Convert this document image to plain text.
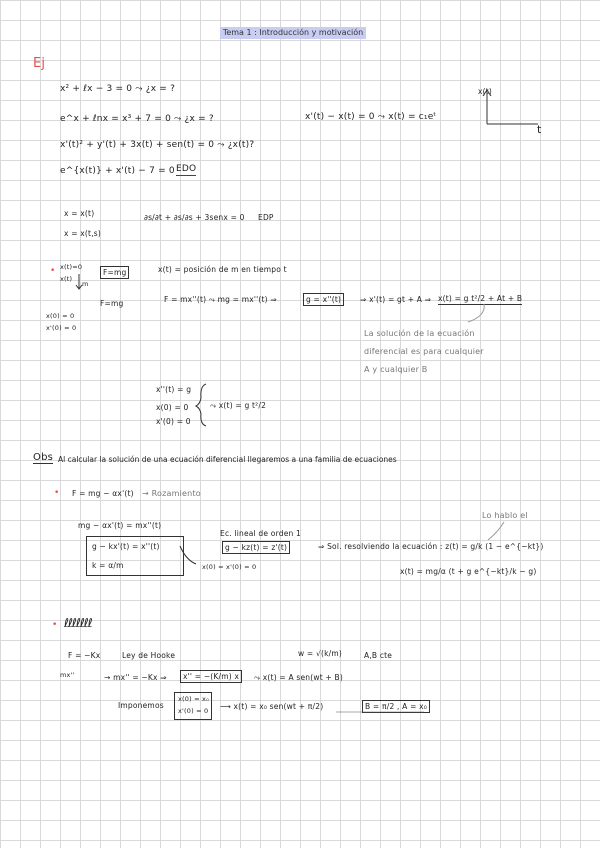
Tema 1 : Introducción y motivación
Ej
x² + ℓx − 3 = 0 ⤳ ¿x = ?
e^x + ℓnx = x³ + 7 = 0 ⤳ ¿x = ?
x'(t)² + y'(t) + 3x(t) + sen(t) = 0 ⤳ ¿x(t)?
e^{x(t)} + x'(t) − 7 = 0 EDO
x'(t) − x(t) = 0 ⤳ x(t) = c₁eᵗ
x(t)
t
x = x(t)
x = x(t,s)
∂s/∂t + ∂s/∂s + 3senx = 0 EDP
• x(t)=0
x(t)
m
F=mg
F=mg
x(t) = posición de m en tiempo t
F = mx''(t) ⤳ mg = mx''(t) ⇒	g = x''(t)	⇒ x'(t) = gt + A ⇒ x(t) = g t²/2 + At + B
x(0) = 0
x'(0) = 0
La solución de la ecuación
diferencial es para cualquier
A y cualquier B
x''(t) = g
x(0) = 0
x'(0) = 0
⤳ x(t) = g t²/2
Obs Al calcular la solución de una ecuación diferencial llegaremos a una familia de ecuaciones
• F = mg − αx'(t) → Rozamiento
mg − αx'(t) = mx''(t)
g − kx'(t) = x''(t)
k = α/m	x(0) = x'(0) = 0
Ec. lineal de orden 1
g − kz(t) = z'(t)	⇒ Sol. resolviendo la ecuación : z(t) = g/k (1 − e^{−kt})
Lo hablo el
x(t) = mg/α (t + g e^{−kt}/k − g)
• ℓℓℓℓℓℓℓ
F = −Kx	Ley de Hooke	w = √(k/m)	A,B cte
mx''	→ mx'' = −Kx ⇒	x'' = −(K/m) x	⤳ x(t) = A sen(wt + B)
Imponemos
x(0) = x₀
x'(0) = 0 ⟶ x(t) = x₀ sen(wt + π/2)	B = π/2 , A = x₀
